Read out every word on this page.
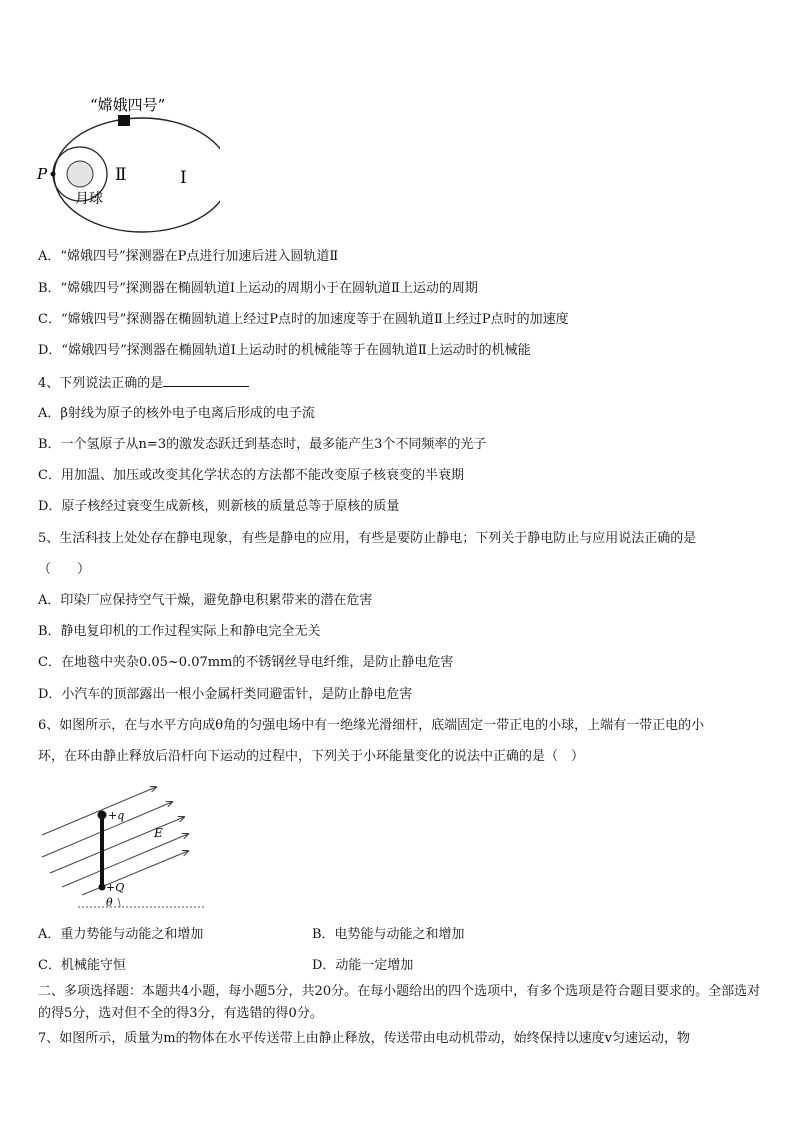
“嫦娥四号”
P	Ⅱ	Ⅰ
月球
A．“嫦娥四号”探测器在P点进行加速后进入圆轨道Ⅱ
B．“嫦娥四号”探测器在椭圆轨道Ⅰ上运动的周期小于在圆轨道Ⅱ上运动的周期
C．“嫦娥四号”探测器在椭圆轨道上经过P点时的加速度等于在圆轨道Ⅱ上经过P点时的加速度
D．“嫦娥四号”探测器在椭圆轨道Ⅰ上运动时的机械能等于在圆轨道Ⅱ上运动时的机械能
4、下列说法正确的是
A．β射线为原子的核外电子电离后形成的电子流
B．一个氢原子从n=3的激发态跃迁到基态时，最多能产生3个不同频率的光子
C．用加温、加压或改变其化学状态的方法都不能改变原子核衰变的半衰期
D．原子核经过衰变生成新核，则新核的质量总等于原核的质量
5、生活科技上处处存在静电现象，有些是静电的应用，有些是要防止静电；下列关于静电防止与应用说法正确的是
（　　）
A．印染厂应保持空气干燥，避免静电积累带来的潜在危害
B．静电复印机的工作过程实际上和静电完全无关
C．在地毯中夹杂0.05~0.07mm的不锈钢丝导电纤维，是防止静电危害
D．小汽车的顶部露出一根小金属杆类同避雷针，是防止静电危害
6、如图所示，在与水平方向成θ角的匀强电场中有一绝缘光滑细杆，底端固定一带正电的小球，上端有一带正电的小
环，在环由静止释放后沿杆向下运动的过程中，下列关于小环能量变化的说法中正确的是（　）
+q
E
+Q
θ
A．重力势能与动能之和增加	B．电势能与动能之和增加
C．机械能守恒	D．动能一定增加
二、多项选择题：本题共4小题，每小题5分，共20分。在每小题给出的四个选项中，有多个选项是符合题目要求的。全部选对的得5分，选对但不全的得3分，有选错的得0分。
7、如图所示，质量为m的物体在水平传送带上由静止释放，传送带由电动机带动，始终保持以速度v匀速运动，物
